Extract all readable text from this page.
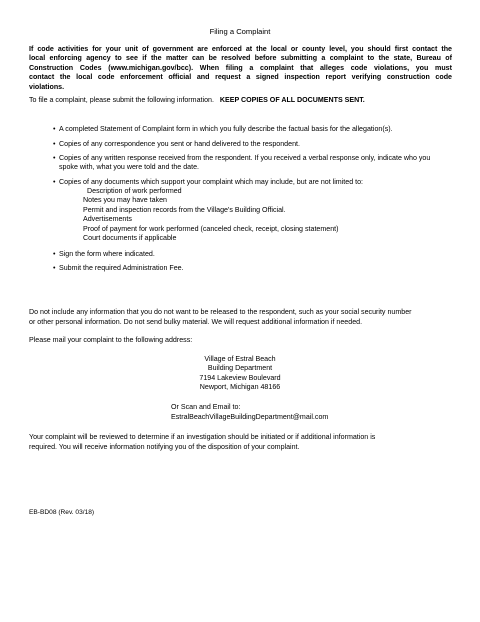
Filing a Complaint
If code activities for your unit of government are enforced at the local or county level, you should first contact the
local enforcing agency to see if the matter can be resolved before submitting a complaint to the state, Bureau of
Construction Codes (www.michigan.gov/bcc). When filing a complaint that alleges code violations, you must
contact the local code enforcement official and request a signed inspection report verifying construction code
violations.
To file a complaint, please submit the following information. KEEP COPIES OF ALL DOCUMENTS SENT.
• A completed Statement of Complaint form in which you fully describe the factual basis for the allegation(s).
• Copies of any correspondence you sent or hand delivered to the respondent.
• Copies of any written response received from the respondent. If you received a verbal response only, indicate who you spoke with, what you were told and the date.
• Copies of any documents which support your complaint which may include, but are not limited to:
Description of work performed
Notes you may have taken
Permit and inspection records from the Village's Building Official.
Advertisements
Proof of payment for work performed (canceled check, receipt, closing statement)
Court documents if applicable
• Sign the form where indicated.
• Submit the required Administration Fee.
Do not include any information that you do not want to be released to the respondent, such as your social security number
or other personal information. Do not send bulky material. We will request additional information if needed.
Please mail your complaint to the following address:
Village of Estral Beach
Building Department
7194 Lakeview Boulevard
Newport, Michigan 48166
Or Scan and Email to:
EstralBeachVillageBuildingDepartment@mail.com
Your complaint will be reviewed to determine if an investigation should be initiated or if additional information is
required. You will receive information notifying you of the disposition of your complaint.
EB-BD08 (Rev. 03/18)
